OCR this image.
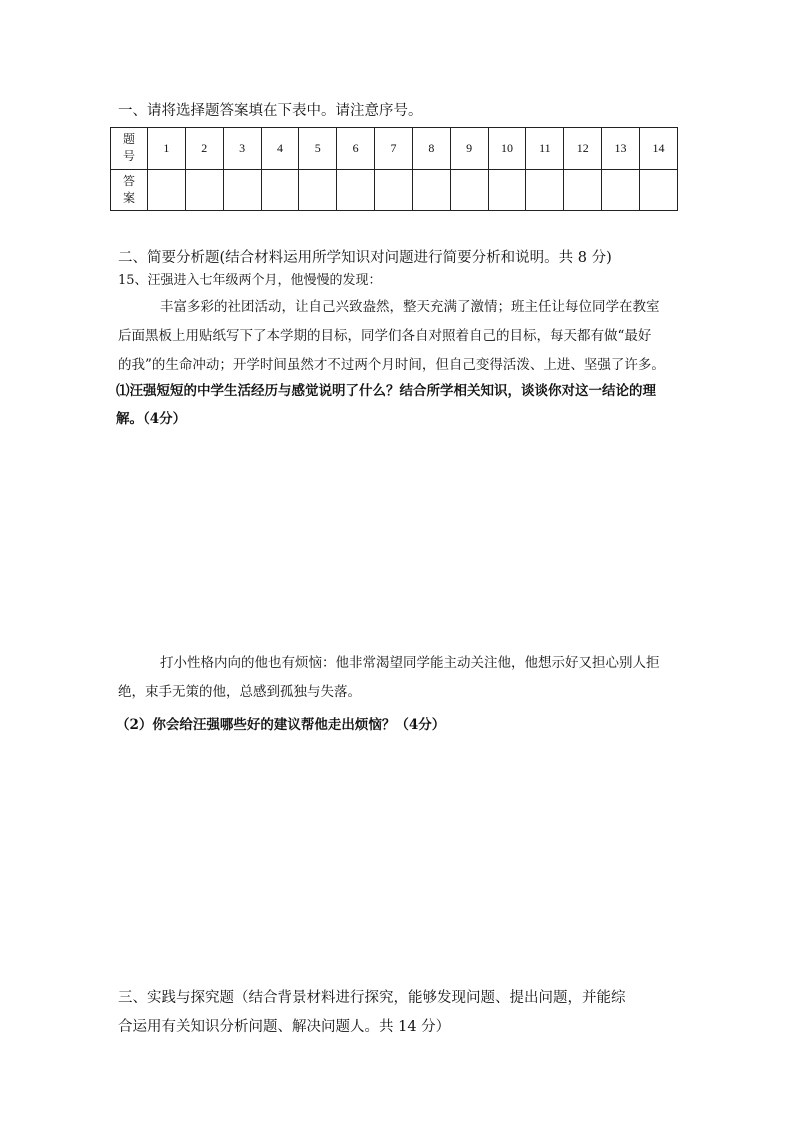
一、请将选择题答案填在下表中。请注意序号。
题
号	1	2	3	4	5	6	7	8	9	10	11	12	13	14

答
案														

二、简要分析题(结合材料运用所学知识对问题进行简要分析和说明。共 8 分)
15、汪强进入七年级两个月，他慢慢的发现：
丰富多彩的社团活动，让自己兴致盎然，整天充满了激情；班主任让每位同学在教室
后面黑板上用贴纸写下了本学期的目标，同学们各自对照着自己的目标，每天都有做“最好
的我”的生命冲动；开学时间虽然才不过两个月时间，但自己变得活泼、上进、坚强了许多。
⑴汪强短短的中学生活经历与感觉说明了什么？结合所学相关知识，谈谈你对这一结论的理
解。（4分）
打小性格内向的他也有烦恼：他非常渴望同学能主动关注他，他想示好又担心别人拒
绝，束手无策的他，总感到孤独与失落。
（2）你会给汪强哪些好的建议帮他走出烦恼？（4分）
三、实践与探究题（结合背景材料进行探究，能够发现问题、提出问题，并能综
合运用有关知识分析问题、解决问题人。共 14 分）
